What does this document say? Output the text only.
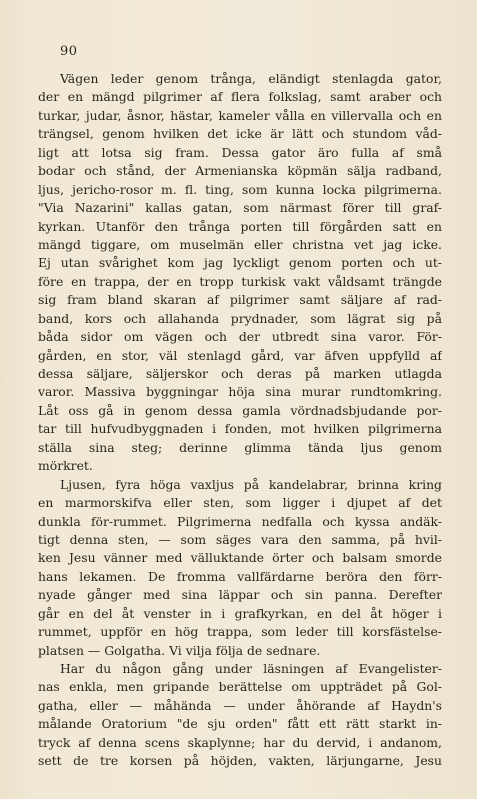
90
Vägen leder genom trånga, eländigt stenlagda gator,
der en mängd pilgrimer af flera folkslag, samt araber och
turkar, judar, åsnor, hästar, kameler vålla en villervalla och en
trängsel, genom hvilken det icke är lätt och stundom våd-
ligt att lotsa sig fram. Dessa gator äro fulla af små
bodar och stånd, der Armenianska köpmän sälja radband,
ljus, jericho-rosor m. fl. ting, som kunna locka pilgrimerna.
"Via Nazarini" kallas gatan, som närmast förer till graf-
kyrkan. Utanför den trånga porten till förgården satt en
mängd tiggare, om muselmän eller christna vet jag icke.
Ej utan svårighet kom jag lyckligt genom porten och ut-
före en trappa, der en tropp turkisk vakt våldsamt trängde
sig fram bland skaran af pilgrimer samt säljare af rad-
band, kors och allahanda prydnader, som lägrat sig på
båda sidor om vägen och der utbredt sina varor. För-
gården, en stor, väl stenlagd gård, var äfven uppfylld af
dessa säljare, säljerskor och deras på marken utlagda
varor. Massiva byggningar höja sina murar rundtomkring.
Låt oss gå in genom dessa gamla vördnadsbjudande por-
tar till hufvudbyggnaden i fonden, mot hvilken pilgrimerna
ställa sina steg; derinne glimma tända ljus genom
mörkret.
Ljusen, fyra höga vaxljus på kandelabrar, brinna kring
en marmorskifva eller sten, som ligger i djupet af det
dunkla för-rummet. Pilgrimerna nedfalla och kyssa andäk-
tigt denna sten, — som säges vara den samma, på hvil-
ken Jesu vänner med välluktande örter och balsam smorde
hans lekamen. De fromma vallfärdarne beröra den förr-
nyade gånger med sina läppar och sin panna. Derefter
går en del åt venster in i grafkyrkan, en del åt höger i
rummet, uppför en hög trappa, som leder till korsfästelse-
platsen — Golgatha. Vi vilja följa de sednare.
Har du någon gång under läsningen af Evangelister-
nas enkla, men gripande berättelse om uppträdet på Gol-
gatha, eller — måhända — under åhörande af Haydn's
målande Oratorium "de sju orden" fått ett rätt starkt in-
tryck af denna scens skaplynne; har du dervid, i andanom,
sett de tre korsen på höjden, vakten, lärjungarne, Jesu
